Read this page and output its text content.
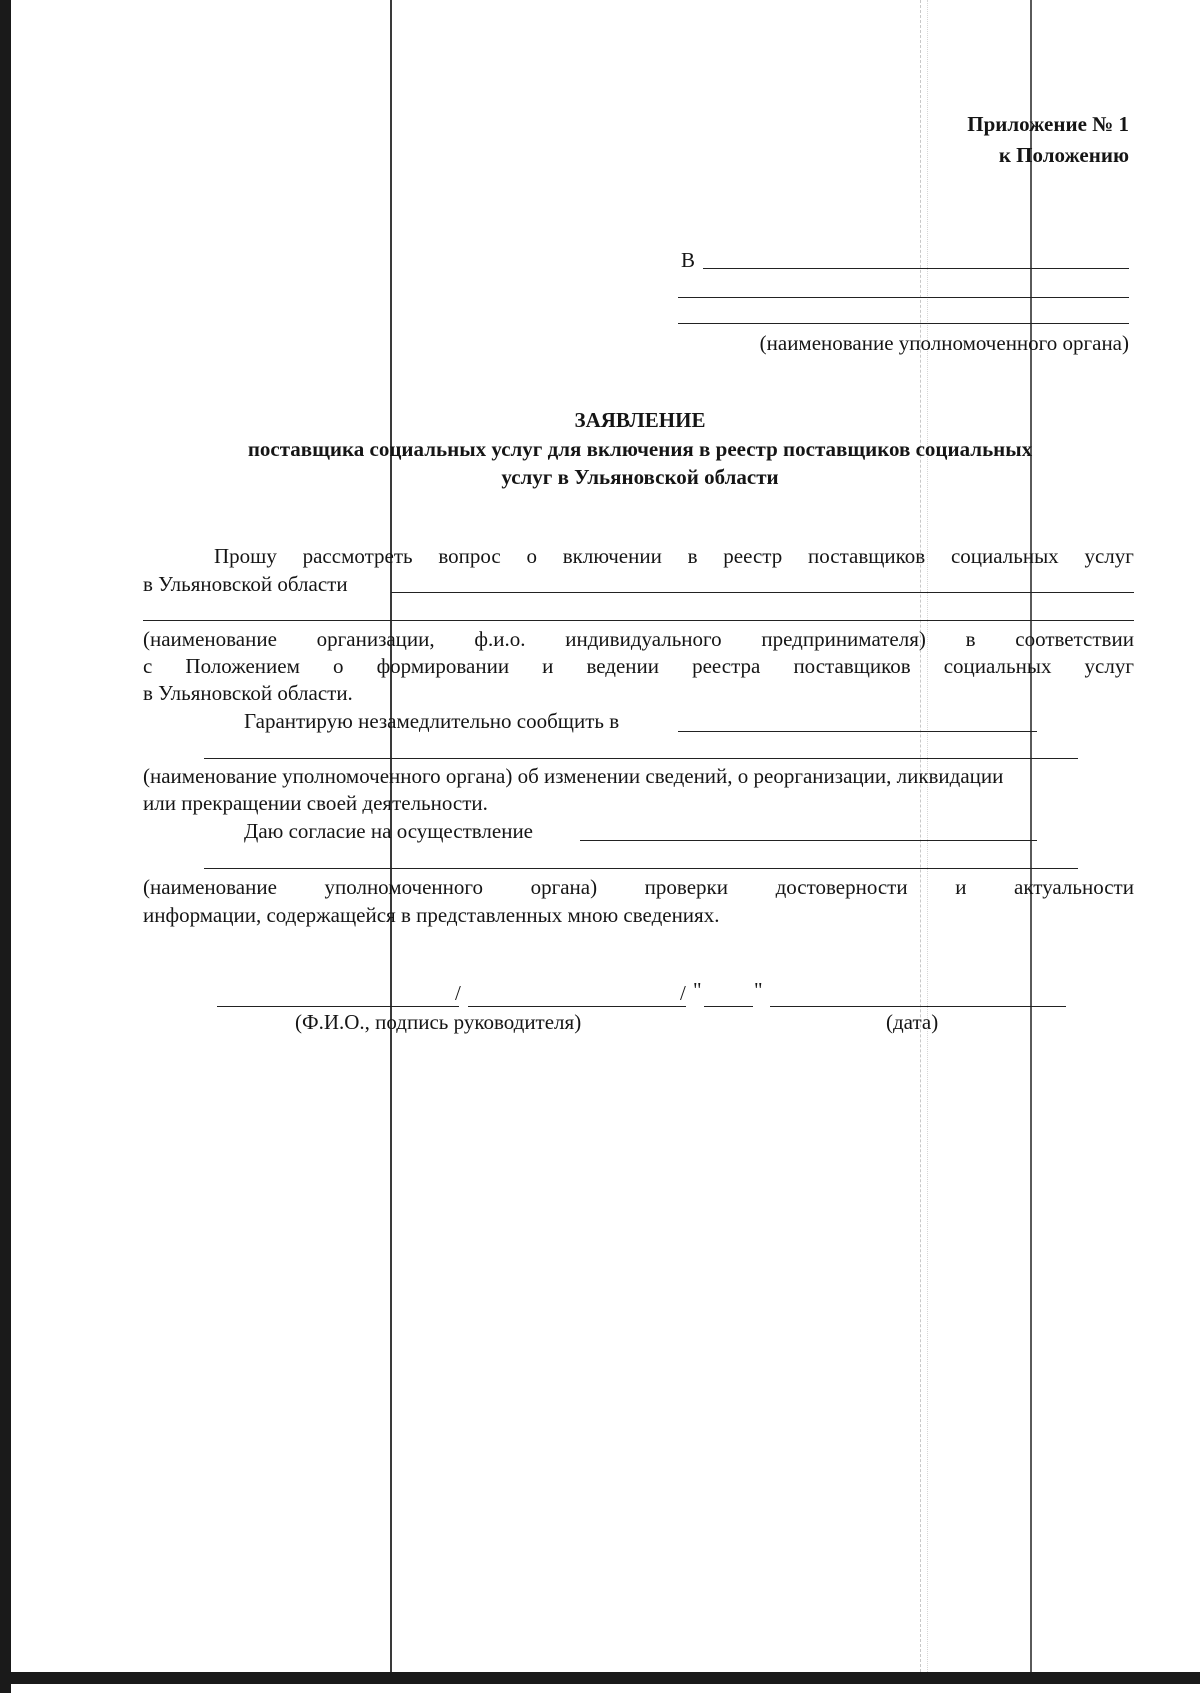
Приложение № 1
к Положению
В
(наименование уполномоченного органа)
ЗАЯВЛЕНИЕ
поставщика социальных услуг для включения в реестр поставщиков социальных
услуг в Ульяновской области
Прошу рассмотреть вопрос о включении в реестр поставщиков социальных услуг
в Ульяновской области
(наименование организации, ф.и.о. индивидуального предпринимателя) в соответствии
с Положением о формировании и ведении реестра поставщиков социальных услуг
в Ульяновской области.
Гарантирую незамедлительно сообщить в
(наименование уполномоченного органа) об изменении сведений, о реорганизации, ликвидации
или прекращении своей деятельности.
Даю согласие на осуществление
(наименование уполномоченного органа) проверки достоверности и актуальности
информации, содержащейся в представленных мною сведениях.
/	/ " "
(Ф.И.О., подпись руководителя)	(дата)
